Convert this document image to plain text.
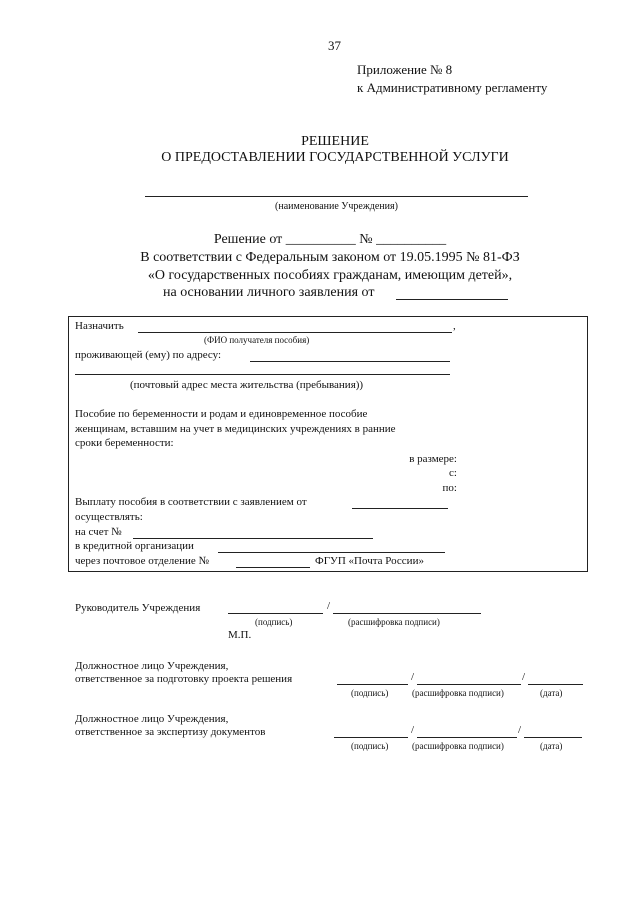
37
Приложение № 8
к Административному регламенту
РЕШЕНИЕ
О ПРЕДОСТАВЛЕНИИ ГОСУДАРСТВЕННОЙ УСЛУГИ
(наименование Учреждения)
Решение от __________ № __________
В соответствии с Федеральным законом от 19.05.1995 № 81-ФЗ
«О государственных пособиях гражданам, имеющим детей»,
на основании личного заявления от
Назначить	,
(ФИО получателя пособия)
проживающей (ему) по адресу:
(почтовый адрес места жительства (пребывания))
Пособие по беременности и родам и единовременное пособие
женщинам, вставшим на учет в медицинских учреждениях в ранние
сроки беременности:
в размере:
с:
по:
Выплату пособия в соответствии с заявлением от
осуществлять:
на счет №
в кредитной организации
через почтовое отделение №	ФГУП «Почта России»
Руководитель Учреждения	/
(подпись)	(расшифровка подписи)
М.П.
Должностное лицо Учреждения,
ответственное за подготовку проекта решения	/	/
(подпись)	(расшифровка подписи)	(дата)
Должностное лицо Учреждения,
ответственное за экспертизу документов	/	/
(подпись)	(расшифровка подписи)	(дата)
